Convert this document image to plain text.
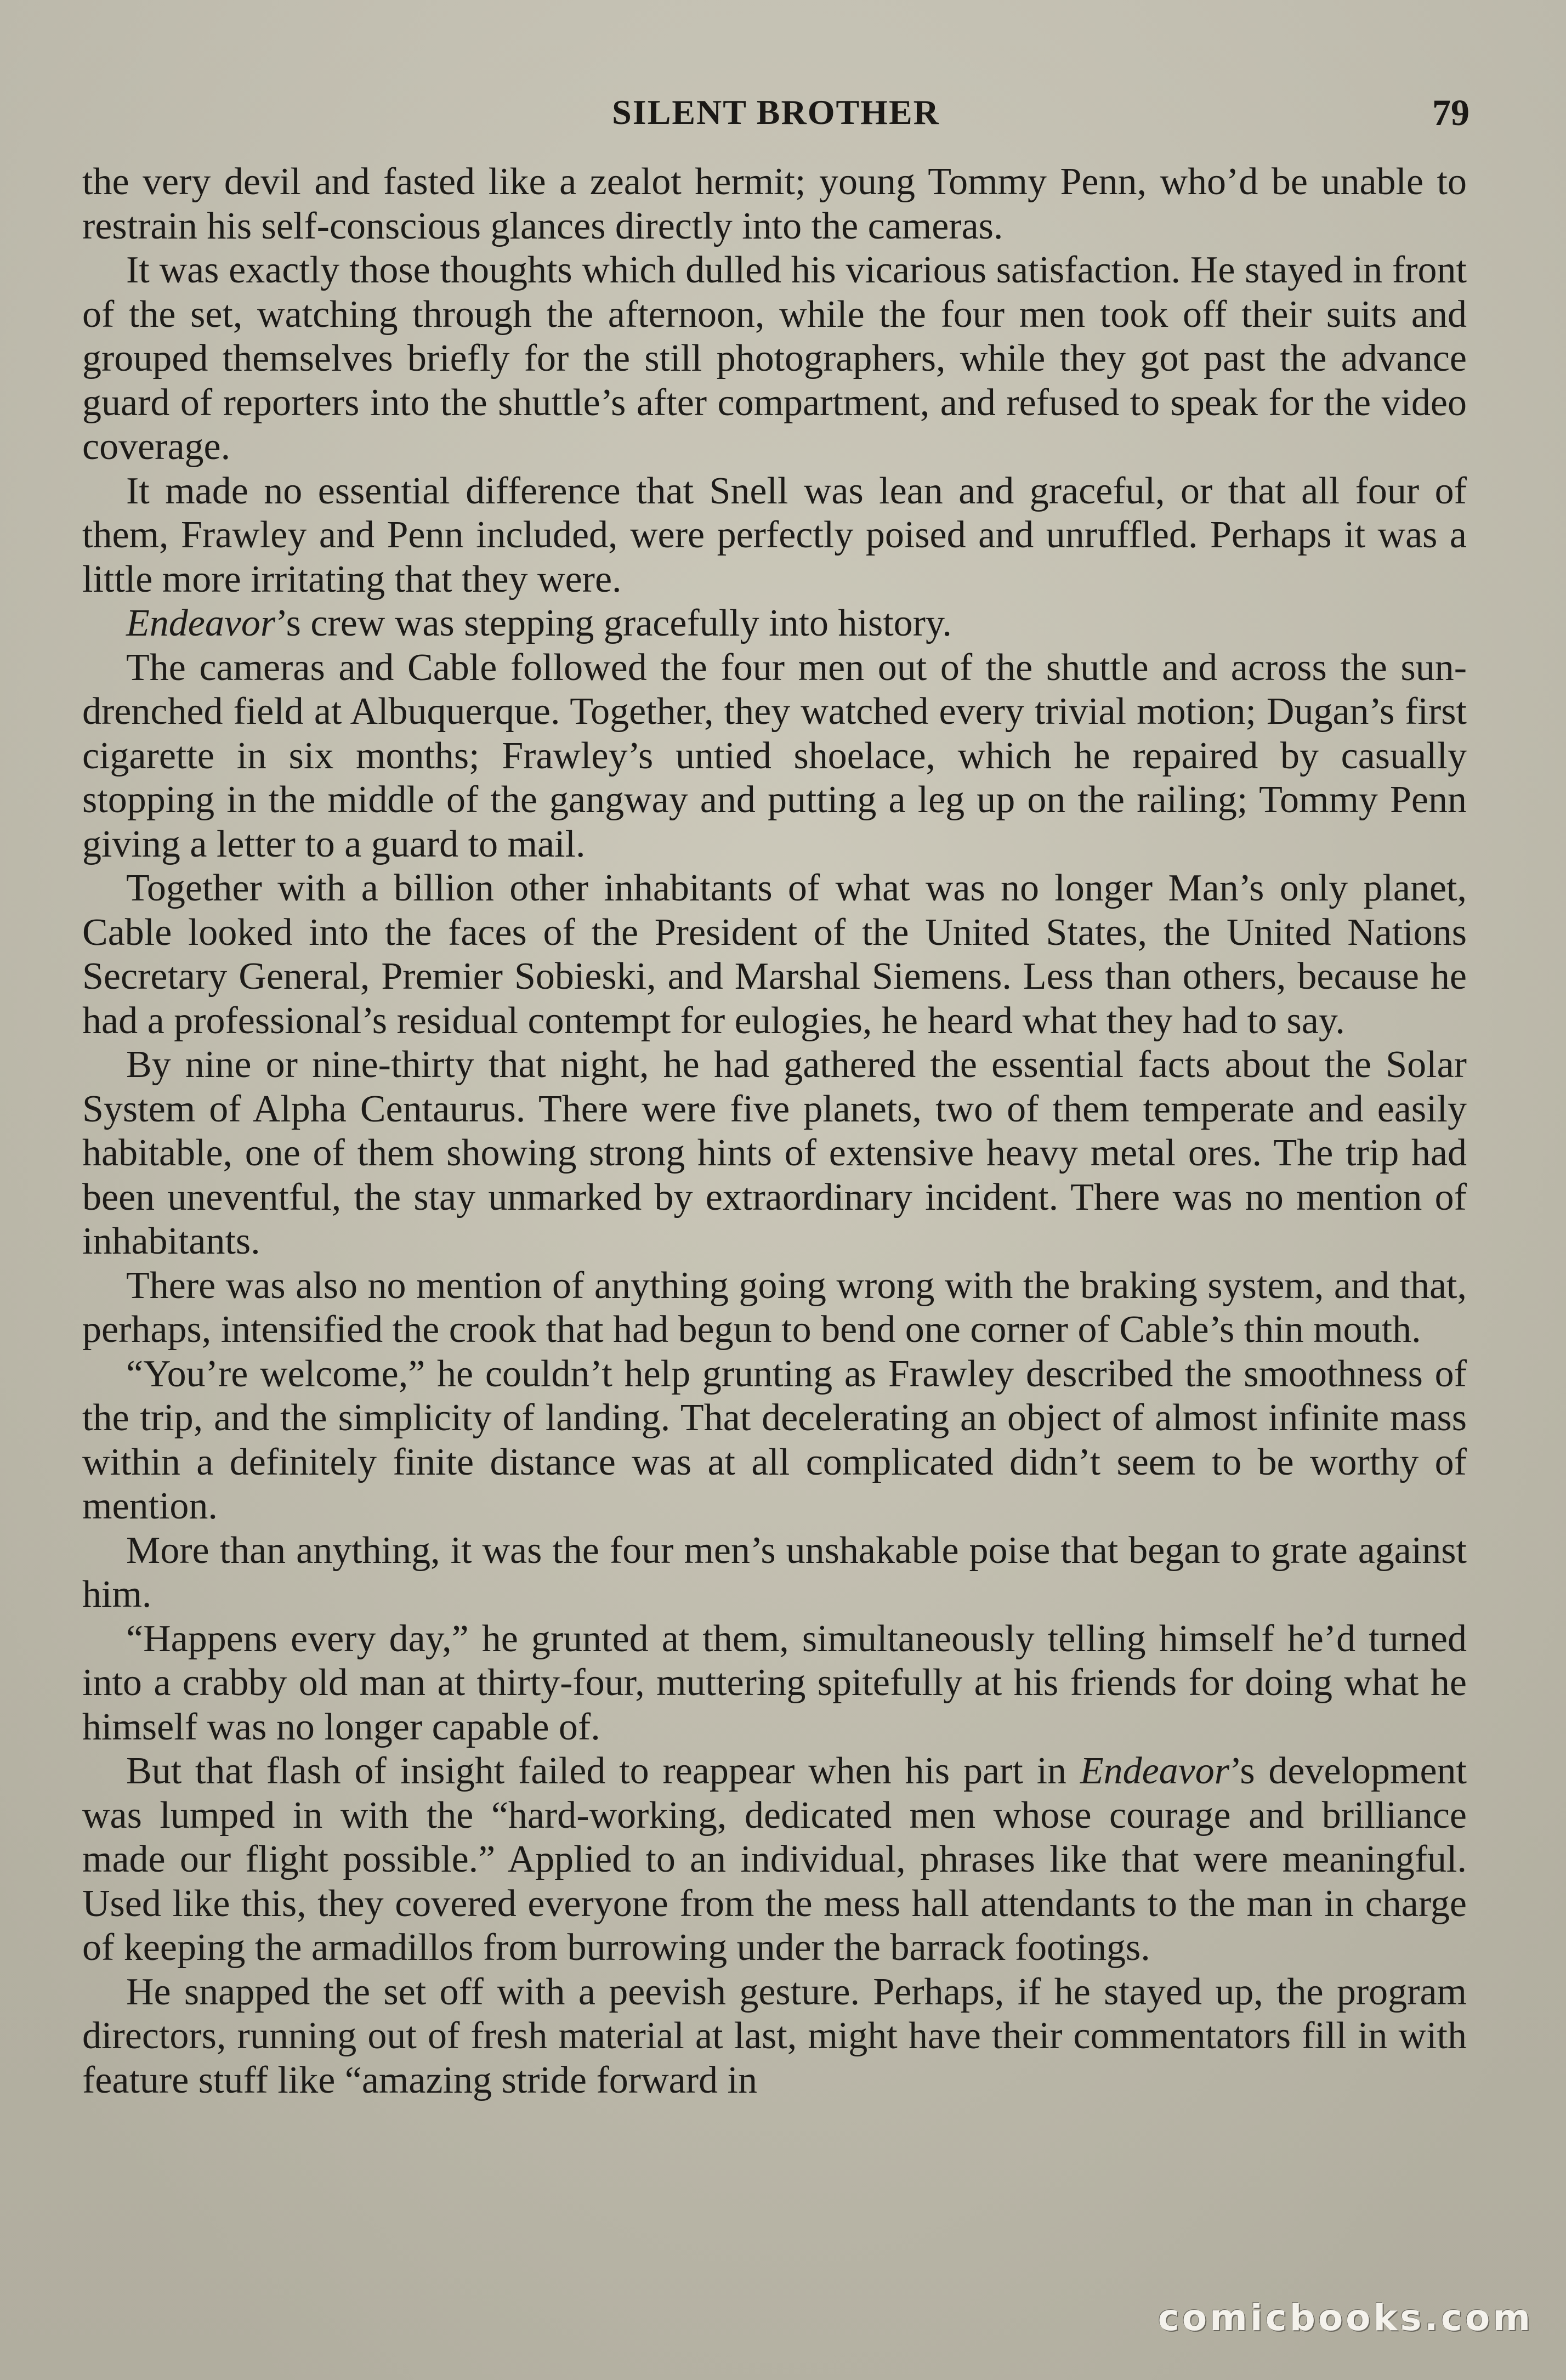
SILENT BROTHER	79

the very devil and fasted like a zealot hermit; young Tommy Penn, who’d be unable to restrain his self-conscious glances directly into the cameras.

It was exactly those thoughts which dulled his vicarious satisfaction. He stayed in front of the set, watching through the afternoon, while the four men took off their suits and grouped themselves briefly for the still photographers, while they got past the advance guard of reporters into the shuttle’s after compartment, and refused to speak for the video coverage.

It made no essential difference that Snell was lean and graceful, or that all four of them, Frawley and Penn included, were perfectly poised and unruffled. Perhaps it was a little more irritating that they were.

Endeavor’s crew was stepping gracefully into history.

The cameras and Cable followed the four men out of the shuttle and across the sun-drenched field at Albuquerque. Together, they watched every trivial motion; Dugan’s first cigarette in six months; Frawley’s untied shoelace, which he repaired by casually stopping in the middle of the gangway and putting a leg up on the railing; Tommy Penn giving a letter to a guard to mail.

Together with a billion other inhabitants of what was no longer Man’s only planet, Cable looked into the faces of the President of the United States, the United Nations Secretary General, Premier Sobieski, and Marshal Siemens. Less than others, because he had a professional’s residual contempt for eulogies, he heard what they had to say.

By nine or nine-thirty that night, he had gathered the essential facts about the Solar System of Alpha Centaurus. There were five planets, two of them temperate and easily habitable, one of them showing strong hints of extensive heavy metal ores. The trip had been uneventful, the stay unmarked by extraordinary incident. There was no mention of inhabitants.

There was also no mention of anything going wrong with the braking system, and that, perhaps, intensified the crook that had begun to bend one corner of Cable’s thin mouth.

“You’re welcome,” he couldn’t help grunting as Frawley described the smoothness of the trip, and the simplicity of landing. That decelerating an object of almost infinite mass within a definitely finite distance was at all complicated didn’t seem to be worthy of mention.

More than anything, it was the four men’s unshakable poise that began to grate against him.

“Happens every day,” he grunted at them, simultaneously telling himself he’d turned into a crabby old man at thirty-four, muttering spitefully at his friends for doing what he himself was no longer capable of.

But that flash of insight failed to reappear when his part in Endeavor’s development was lumped in with the “hard-working, dedicated men whose courage and brilliance made our flight possible.” Applied to an individual, phrases like that were meaningful. Used like this, they covered everyone from the mess hall attendants to the man in charge of keeping the armadillos from burrowing under the barrack footings.

He snapped the set off with a peevish gesture. Perhaps, if he stayed up, the program directors, running out of fresh material at last, might have their commentators fill in with feature stuff like “amazing stride forward in

comicbooks.com
